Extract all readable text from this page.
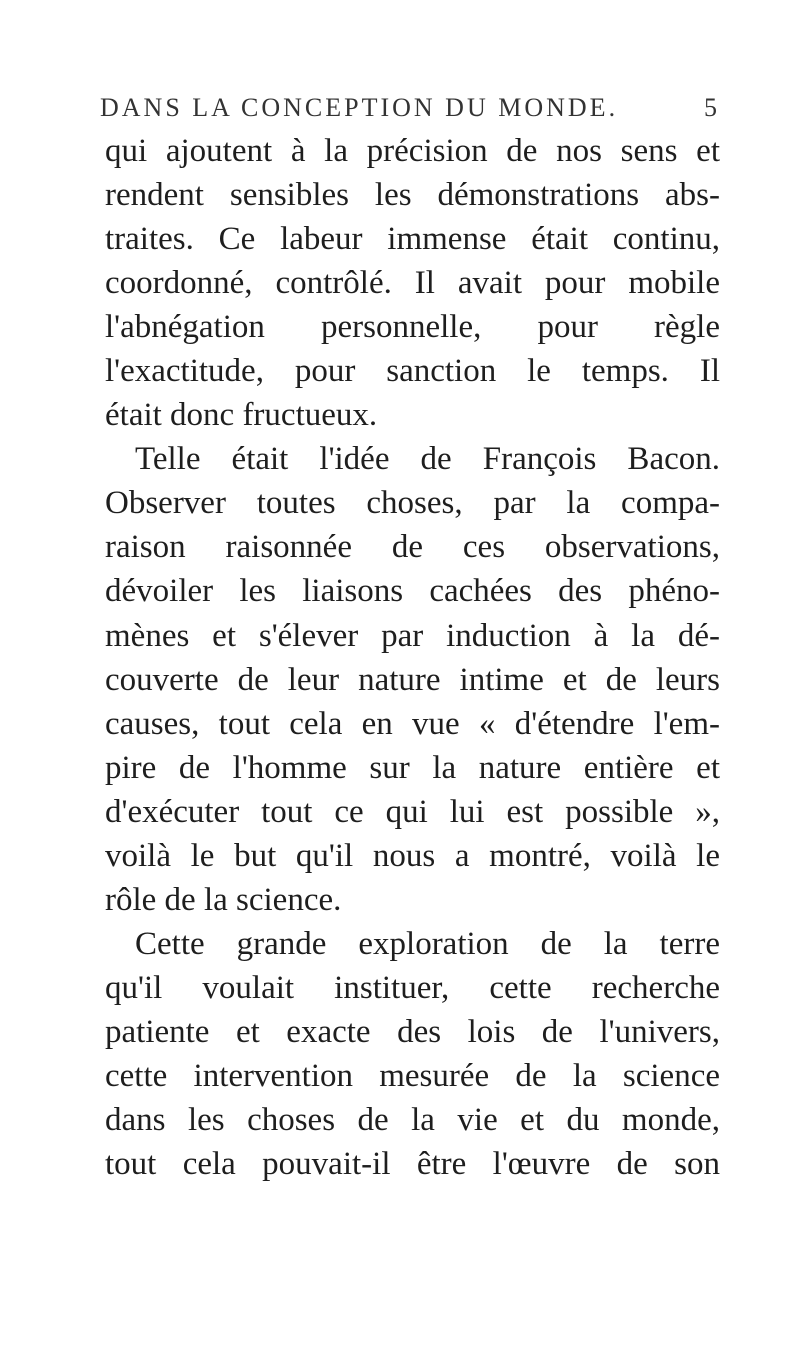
DANS LA CONCEPTION DU MONDE.	5
qui ajoutent à la précision de nos sens et
rendent sensibles les démonstrations abs-
traites. Ce labeur immense était continu,
coordonné, contrôlé. Il avait pour mobile
l'abnégation personnelle, pour règle
l'exactitude, pour sanction le temps. Il
était donc fructueux.
Telle était l'idée de François Bacon.
Observer toutes choses, par la compa-
raison raisonnée de ces observations,
dévoiler les liaisons cachées des phéno-
mènes et s'élever par induction à la dé-
couverte de leur nature intime et de leurs
causes, tout cela en vue « d'étendre l'em-
pire de l'homme sur la nature entière et
d'exécuter tout ce qui lui est possible »,
voilà le but qu'il nous a montré, voilà le
rôle de la science.
Cette grande exploration de la terre
qu'il voulait instituer, cette recherche
patiente et exacte des lois de l'univers,
cette intervention mesurée de la science
dans les choses de la vie et du monde,
tout cela pouvait-il être l'œuvre de son
